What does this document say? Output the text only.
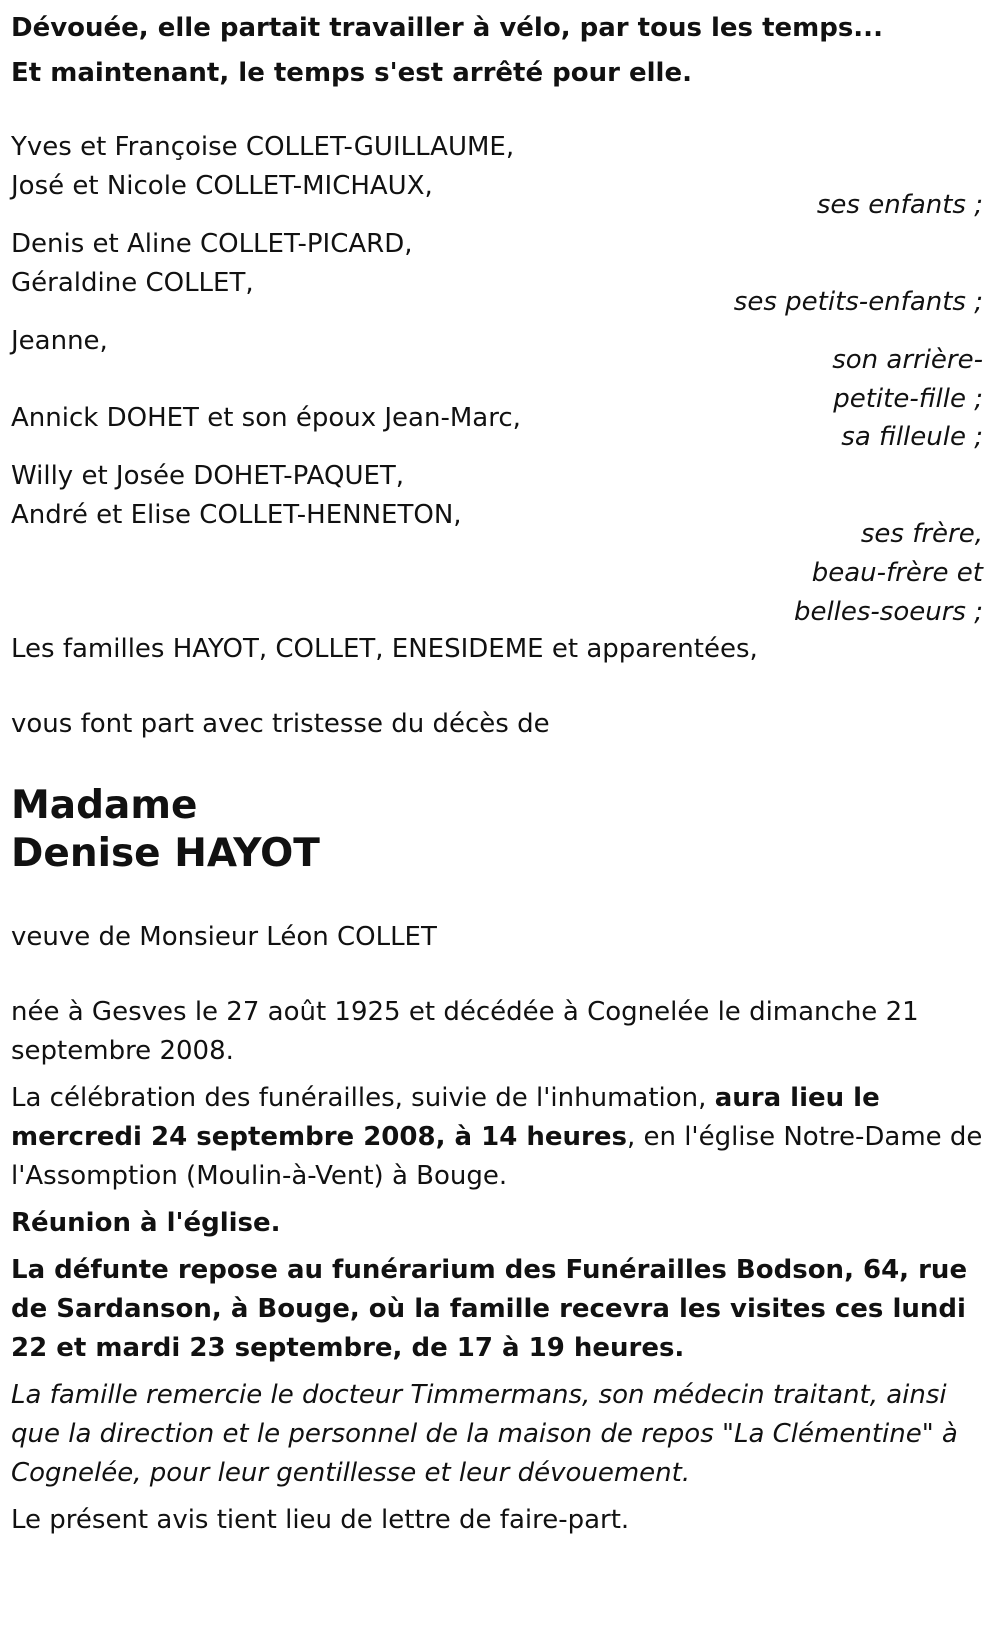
Dévouée, elle partait travailler à vélo, par tous les temps...

Et maintenant, le temps s'est arrêté pour elle.

Yves et Françoise COLLET-GUILLAUME,

José et Nicole COLLET-MICHAUX,

ses enfants ;

Denis et Aline COLLET-PICARD,

Géraldine COLLET,

ses petits-enfants ;

Jeanne,

son arrière-

petite-fille ;

Annick DOHET et son époux Jean-Marc,

sa filleule ;

Willy et Josée DOHET-PAQUET,

André et Elise COLLET-HENNETON,

ses frère,

beau-frère et

belles-soeurs ;

Les familles HAYOT, COLLET, ENESIDEME et apparentées,

vous font part avec tristesse du décès de

Madame

Denise HAYOT

veuve de Monsieur Léon COLLET

née à Gesves le 27 août 1925 et décédée à Cognelée le dimanche 21 septembre 2008.

La célébration des funérailles, suivie de l'inhumation, aura lieu le mercredi 24 septembre 2008, à 14 heures, en l'église Notre-Dame de l'Assomption (Moulin-à-Vent) à Bouge.

Réunion à l'église.

La défunte repose au funérarium des Funérailles Bodson, 64, rue de Sardanson, à Bouge, où la famille recevra les visites ces lundi 22 et mardi 23 septembre, de 17 à 19 heures.

La famille remercie le docteur Timmermans, son médecin traitant, ainsi que la direction et le personnel de la maison de repos "La Clémentine" à Cognelée, pour leur gentillesse et leur dévouement.

Le présent avis tient lieu de lettre de faire-part.
